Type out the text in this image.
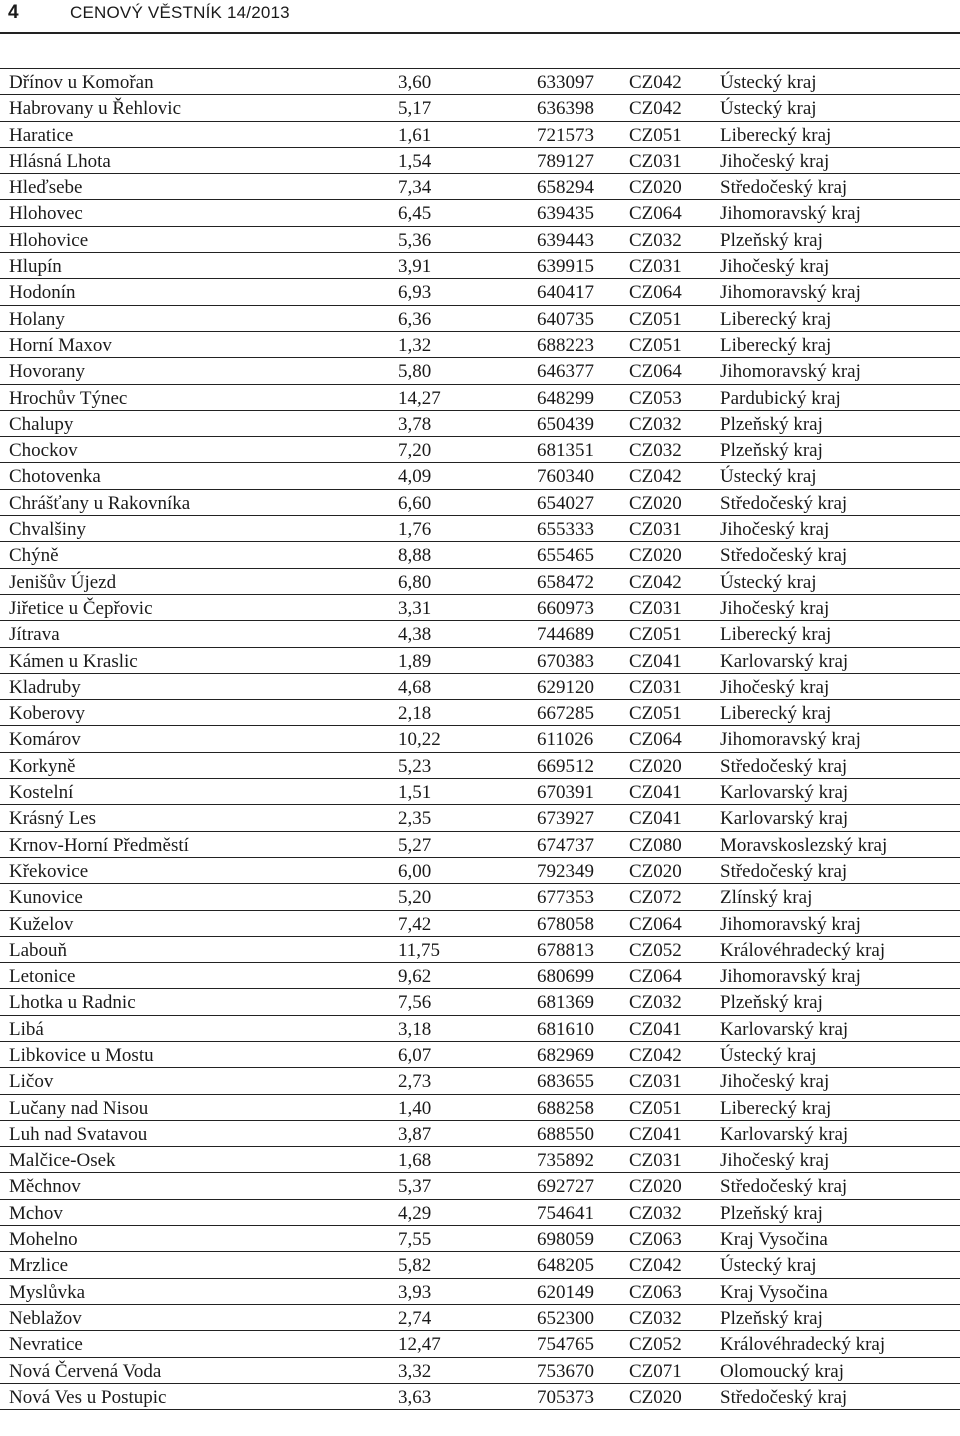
4	CENOVÝ VĚSTNÍK 14/2013
Dřínov u Komořan	3,60	633097 CZ042 Ústecký kraj
Habrovany u Řehlovic	5,17	636398 CZ042 Ústecký kraj
Haratice	1,61	721573 CZ051 Liberecký kraj
Hlásná Lhota	1,54	789127 CZ031 Jihočeský kraj
Hleďsebe	7,34	658294 CZ020 Středočeský kraj
Hlohovec	6,45	639435 CZ064 Jihomoravský kraj
Hlohovice	5,36	639443 CZ032 Plzeňský kraj
Hlupín	3,91	639915 CZ031 Jihočeský kraj
Hodonín	6,93	640417 CZ064 Jihomoravský kraj
Holany	6,36	640735 CZ051 Liberecký kraj
Horní Maxov	1,32	688223 CZ051 Liberecký kraj
Hovorany	5,80	646377 CZ064 Jihomoravský kraj
Hrochův Týnec	14,27	648299 CZ053 Pardubický kraj
Chalupy	3,78	650439 CZ032 Plzeňský kraj
Chockov	7,20	681351 CZ032 Plzeňský kraj
Chotovenka	4,09	760340 CZ042 Ústecký kraj
Chrášťany u Rakovníka	6,60	654027 CZ020 Středočeský kraj
Chvalšiny	1,76	655333 CZ031 Jihočeský kraj
Chýně	8,88	655465 CZ020 Středočeský kraj
Jenišův Újezd	6,80	658472 CZ042 Ústecký kraj
Jiřetice u Čepřovic	3,31	660973 CZ031 Jihočeský kraj
Jítrava	4,38	744689 CZ051 Liberecký kraj
Kámen u Kraslic	1,89	670383 CZ041 Karlovarský kraj
Kladruby	4,68	629120 CZ031 Jihočeský kraj
Koberovy	2,18	667285 CZ051 Liberecký kraj
Komárov	10,22	611026 CZ064 Jihomoravský kraj
Korkyně	5,23	669512 CZ020 Středočeský kraj
Kostelní	1,51	670391 CZ041 Karlovarský kraj
Krásný Les	2,35	673927 CZ041 Karlovarský kraj
Krnov-Horní Předměstí	5,27	674737 CZ080 Moravskoslezský kraj
Křekovice	6,00	792349 CZ020 Středočeský kraj
Kunovice	5,20	677353 CZ072 Zlínský kraj
Kuželov	7,42	678058 CZ064 Jihomoravský kraj
Labouň	11,75	678813 CZ052 Královéhradecký kraj
Letonice	9,62	680699 CZ064 Jihomoravský kraj
Lhotka u Radnic	7,56	681369 CZ032 Plzeňský kraj
Libá	3,18	681610 CZ041 Karlovarský kraj
Libkovice u Mostu	6,07	682969 CZ042 Ústecký kraj
Ličov	2,73	683655 CZ031 Jihočeský kraj
Lučany nad Nisou	1,40	688258 CZ051 Liberecký kraj
Luh nad Svatavou	3,87	688550 CZ041 Karlovarský kraj
Malčice-Osek	1,68	735892 CZ031 Jihočeský kraj
Měchnov	5,37	692727 CZ020 Středočeský kraj
Mchov	4,29	754641 CZ032 Plzeňský kraj
Mohelno	7,55	698059 CZ063 Kraj Vysočina
Mrzlice	5,82	648205 CZ042 Ústecký kraj
Myslůvka	3,93	620149 CZ063 Kraj Vysočina
Neblažov	2,74	652300 CZ032 Plzeňský kraj
Nevratice	12,47	754765 CZ052 Královéhradecký kraj
Nová Červená Voda	3,32	753670 CZ071 Olomoucký kraj
Nová Ves u Postupic	3,63	705373 CZ020 Středočeský kraj
